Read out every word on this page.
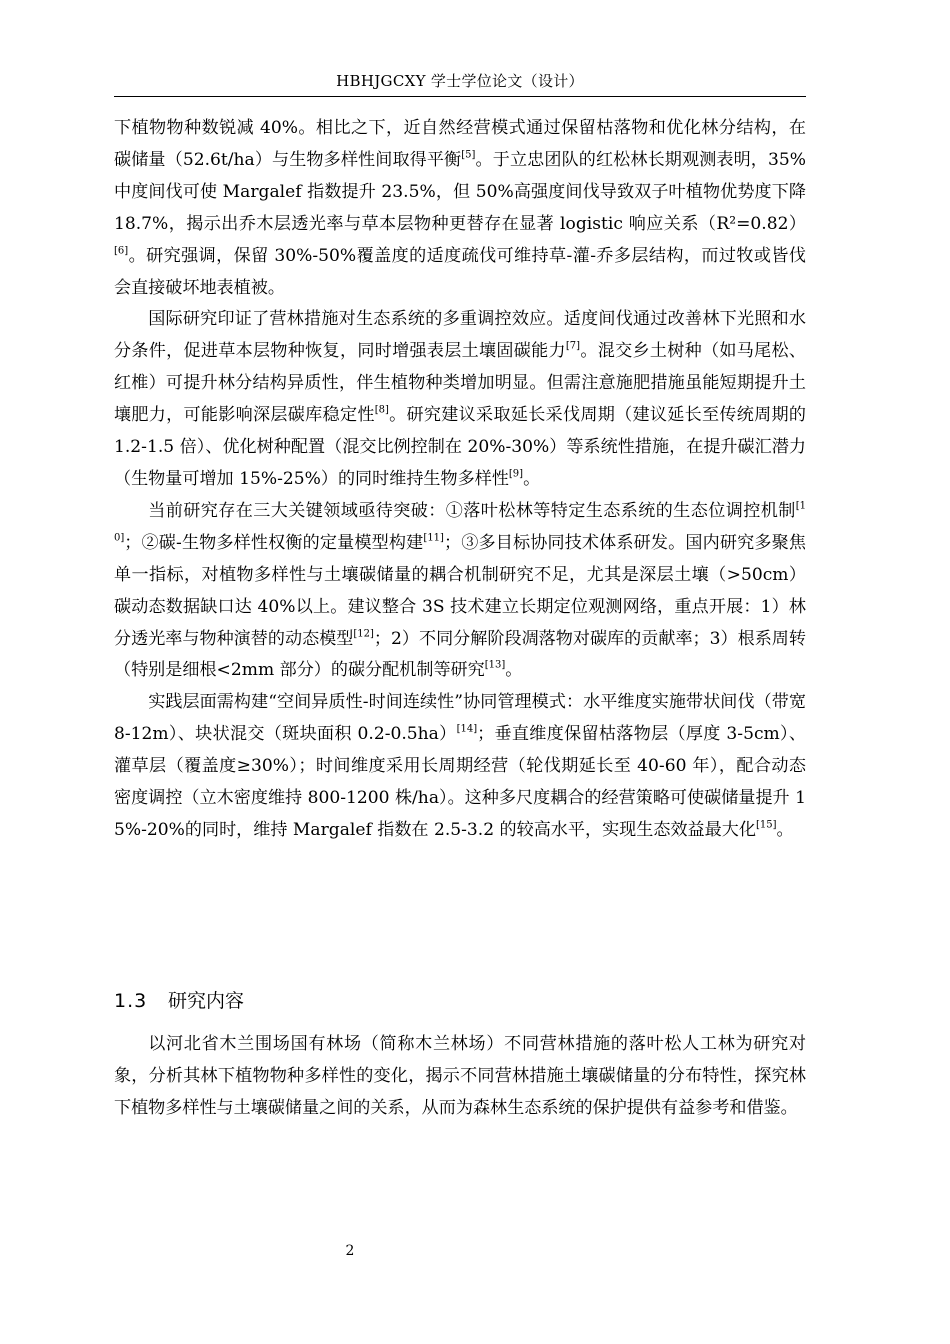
HBHJGCXY 学士学位论文（设计）

下植物物种数锐减 40%。相比之下，近自然经营模式通过保留枯落物和优化林分结构，在碳储量（52.6t/ha）与生物多样性间取得平衡[5]。于立忠团队的红松林长期观测表明，35%中度间伐可使 Margalef 指数提升 23.5%，但 50%高强度间伐导致双子叶植物优势度下降 18.7%，揭示出乔木层透光率与草本层物种更替存在显著 logistic 响应关系（R²=0.82）[6]。研究强调，保留 30%-50%覆盖度的适度疏伐可维持草-灌-乔多层结构，而过牧或皆伐会直接破坏地表植被。

国际研究印证了营林措施对生态系统的多重调控效应。适度间伐通过改善林下光照和水分条件，促进草本层物种恢复，同时增强表层土壤固碳能力[7]。混交乡土树种（如马尾松、红椎）可提升林分结构异质性，伴生植物种类增加明显。但需注意施肥措施虽能短期提升土壤肥力，可能影响深层碳库稳定性[8]。研究建议采取延长采伐周期（建议延长至传统周期的 1.2-1.5 倍）、优化树种配置（混交比例控制在 20%-30%）等系统性措施，在提升碳汇潜力（生物量可增加 15%-25%）的同时维持生物多样性[9]。

当前研究存在三大关键领域亟待突破：①落叶松林等特定生态系统的生态位调控机制[10]；②碳-生物多样性权衡的定量模型构建[11]；③多目标协同技术体系研发。国内研究多聚焦单一指标，对植物多样性与土壤碳储量的耦合机制研究不足，尤其是深层土壤（>50cm）碳动态数据缺口达 40%以上。建议整合 3S 技术建立长期定位观测网络，重点开展：1）林分透光率与物种演替的动态模型[12]；2）不同分解阶段凋落物对碳库的贡献率；3）根系周转（特别是细根<2mm 部分）的碳分配机制等研究[13]。

实践层面需构建“空间异质性-时间连续性”协同管理模式：水平维度实施带状间伐（带宽 8-12m）、块状混交（斑块面积 0.2-0.5ha）[14]；垂直维度保留枯落物层（厚度 3-5cm）、灌草层（覆盖度≥30%）；时间维度采用长周期经营（轮伐期延长至 40-60 年），配合动态密度调控（立木密度维持 800-1200 株/ha）。这种多尺度耦合的经营策略可使碳储量提升 15%-20%的同时，维持 Margalef 指数在 2.5-3.2 的较高水平，实现生态效益最大化[15]。

1.3 研究内容

以河北省木兰围场国有林场（简称木兰林场）不同营林措施的落叶松人工林为研究对象，分析其林下植物物种多样性的变化，揭示不同营林措施土壤碳储量的分布特性，探究林下植物多样性与土壤碳储量之间的关系，从而为森林生态系统的保护提供有益参考和借鉴。

2
